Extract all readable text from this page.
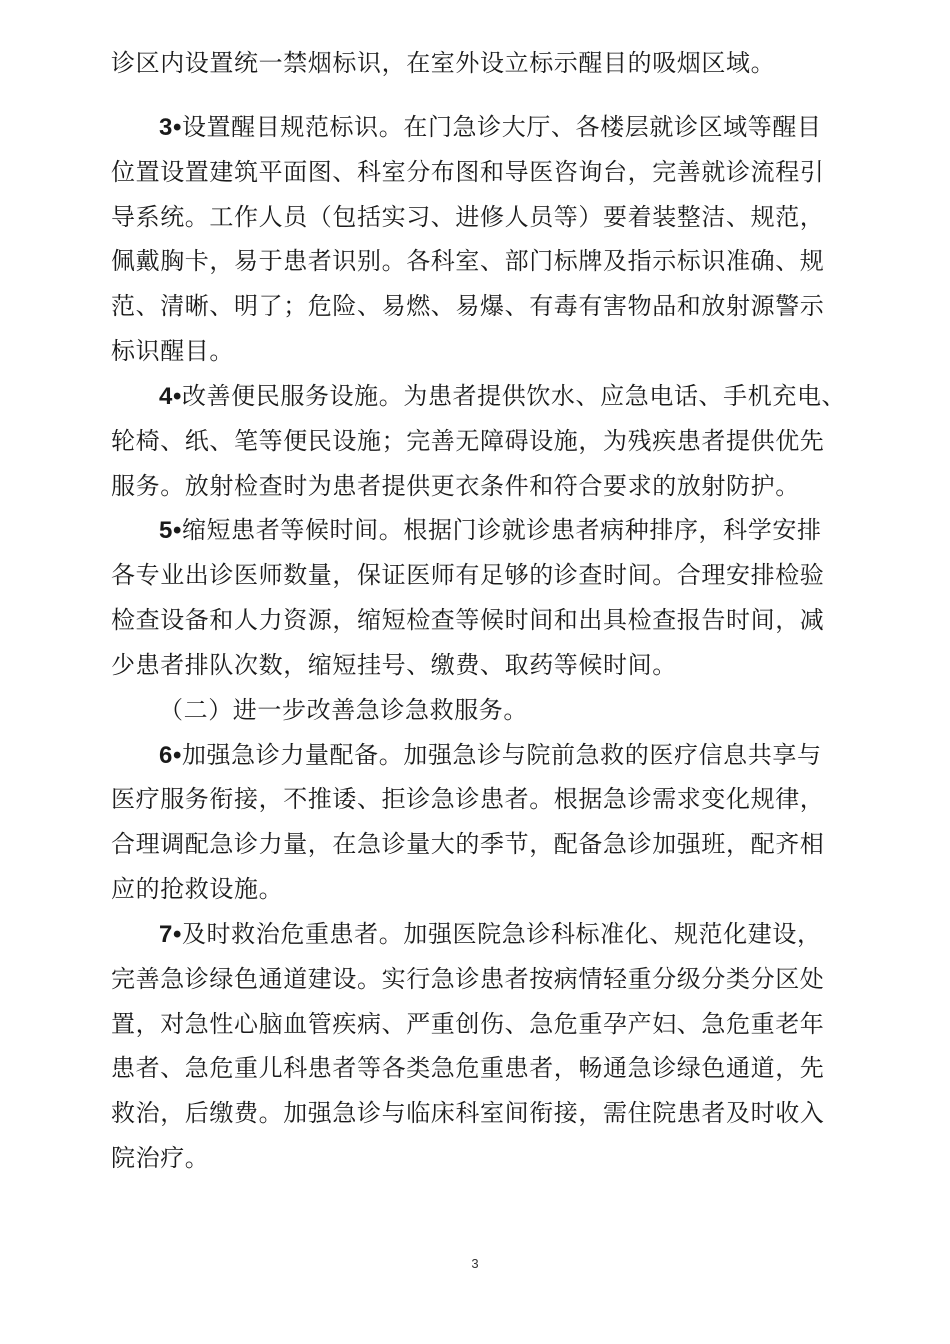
诊区内设置统一禁烟标识，在室外设立标示醒目的吸烟区域。

3•设置醒目规范标识。在门急诊大厅、各楼层就诊区域等醒目

位置设置建筑平面图、科室分布图和导医咨询台，完善就诊流程引

导系统。工作人员（包括实习、进修人员等）要着装整洁、规范，

佩戴胸卡，易于患者识别。各科室、部门标牌及指示标识准确、规

范、清晰、明了；危险、易燃、易爆、有毒有害物品和放射源警示

标识醒目。

4•改善便民服务设施。为患者提供饮水、应急电话、手机充电、

轮椅、纸、笔等便民设施；完善无障碍设施，为残疾患者提供优先

服务。放射检查时为患者提供更衣条件和符合要求的放射防护。

5•缩短患者等候时间。根据门诊就诊患者病种排序，科学安排

各专业出诊医师数量，保证医师有足够的诊查时间。合理安排检验

检查设备和人力资源，缩短检查等候时间和出具检查报告时间，减

少患者排队次数，缩短挂号、缴费、取药等候时间。

（二）进一步改善急诊急救服务。

6•加强急诊力量配备。加强急诊与院前急救的医疗信息共享与

医疗服务衔接，不推诿、拒诊急诊患者。根据急诊需求变化规律，

合理调配急诊力量，在急诊量大的季节，配备急诊加强班，配齐相

应的抢救设施。

7•及时救治危重患者。加强医院急诊科标准化、规范化建设，

完善急诊绿色通道建设。实行急诊患者按病情轻重分级分类分区处

置，对急性心脑血管疾病、严重创伤、急危重孕产妇、急危重老年

患者、急危重儿科患者等各类急危重患者，畅通急诊绿色通道，先

救治，后缴费。加强急诊与临床科室间衔接，需住院患者及时收入

院治疗。

3
